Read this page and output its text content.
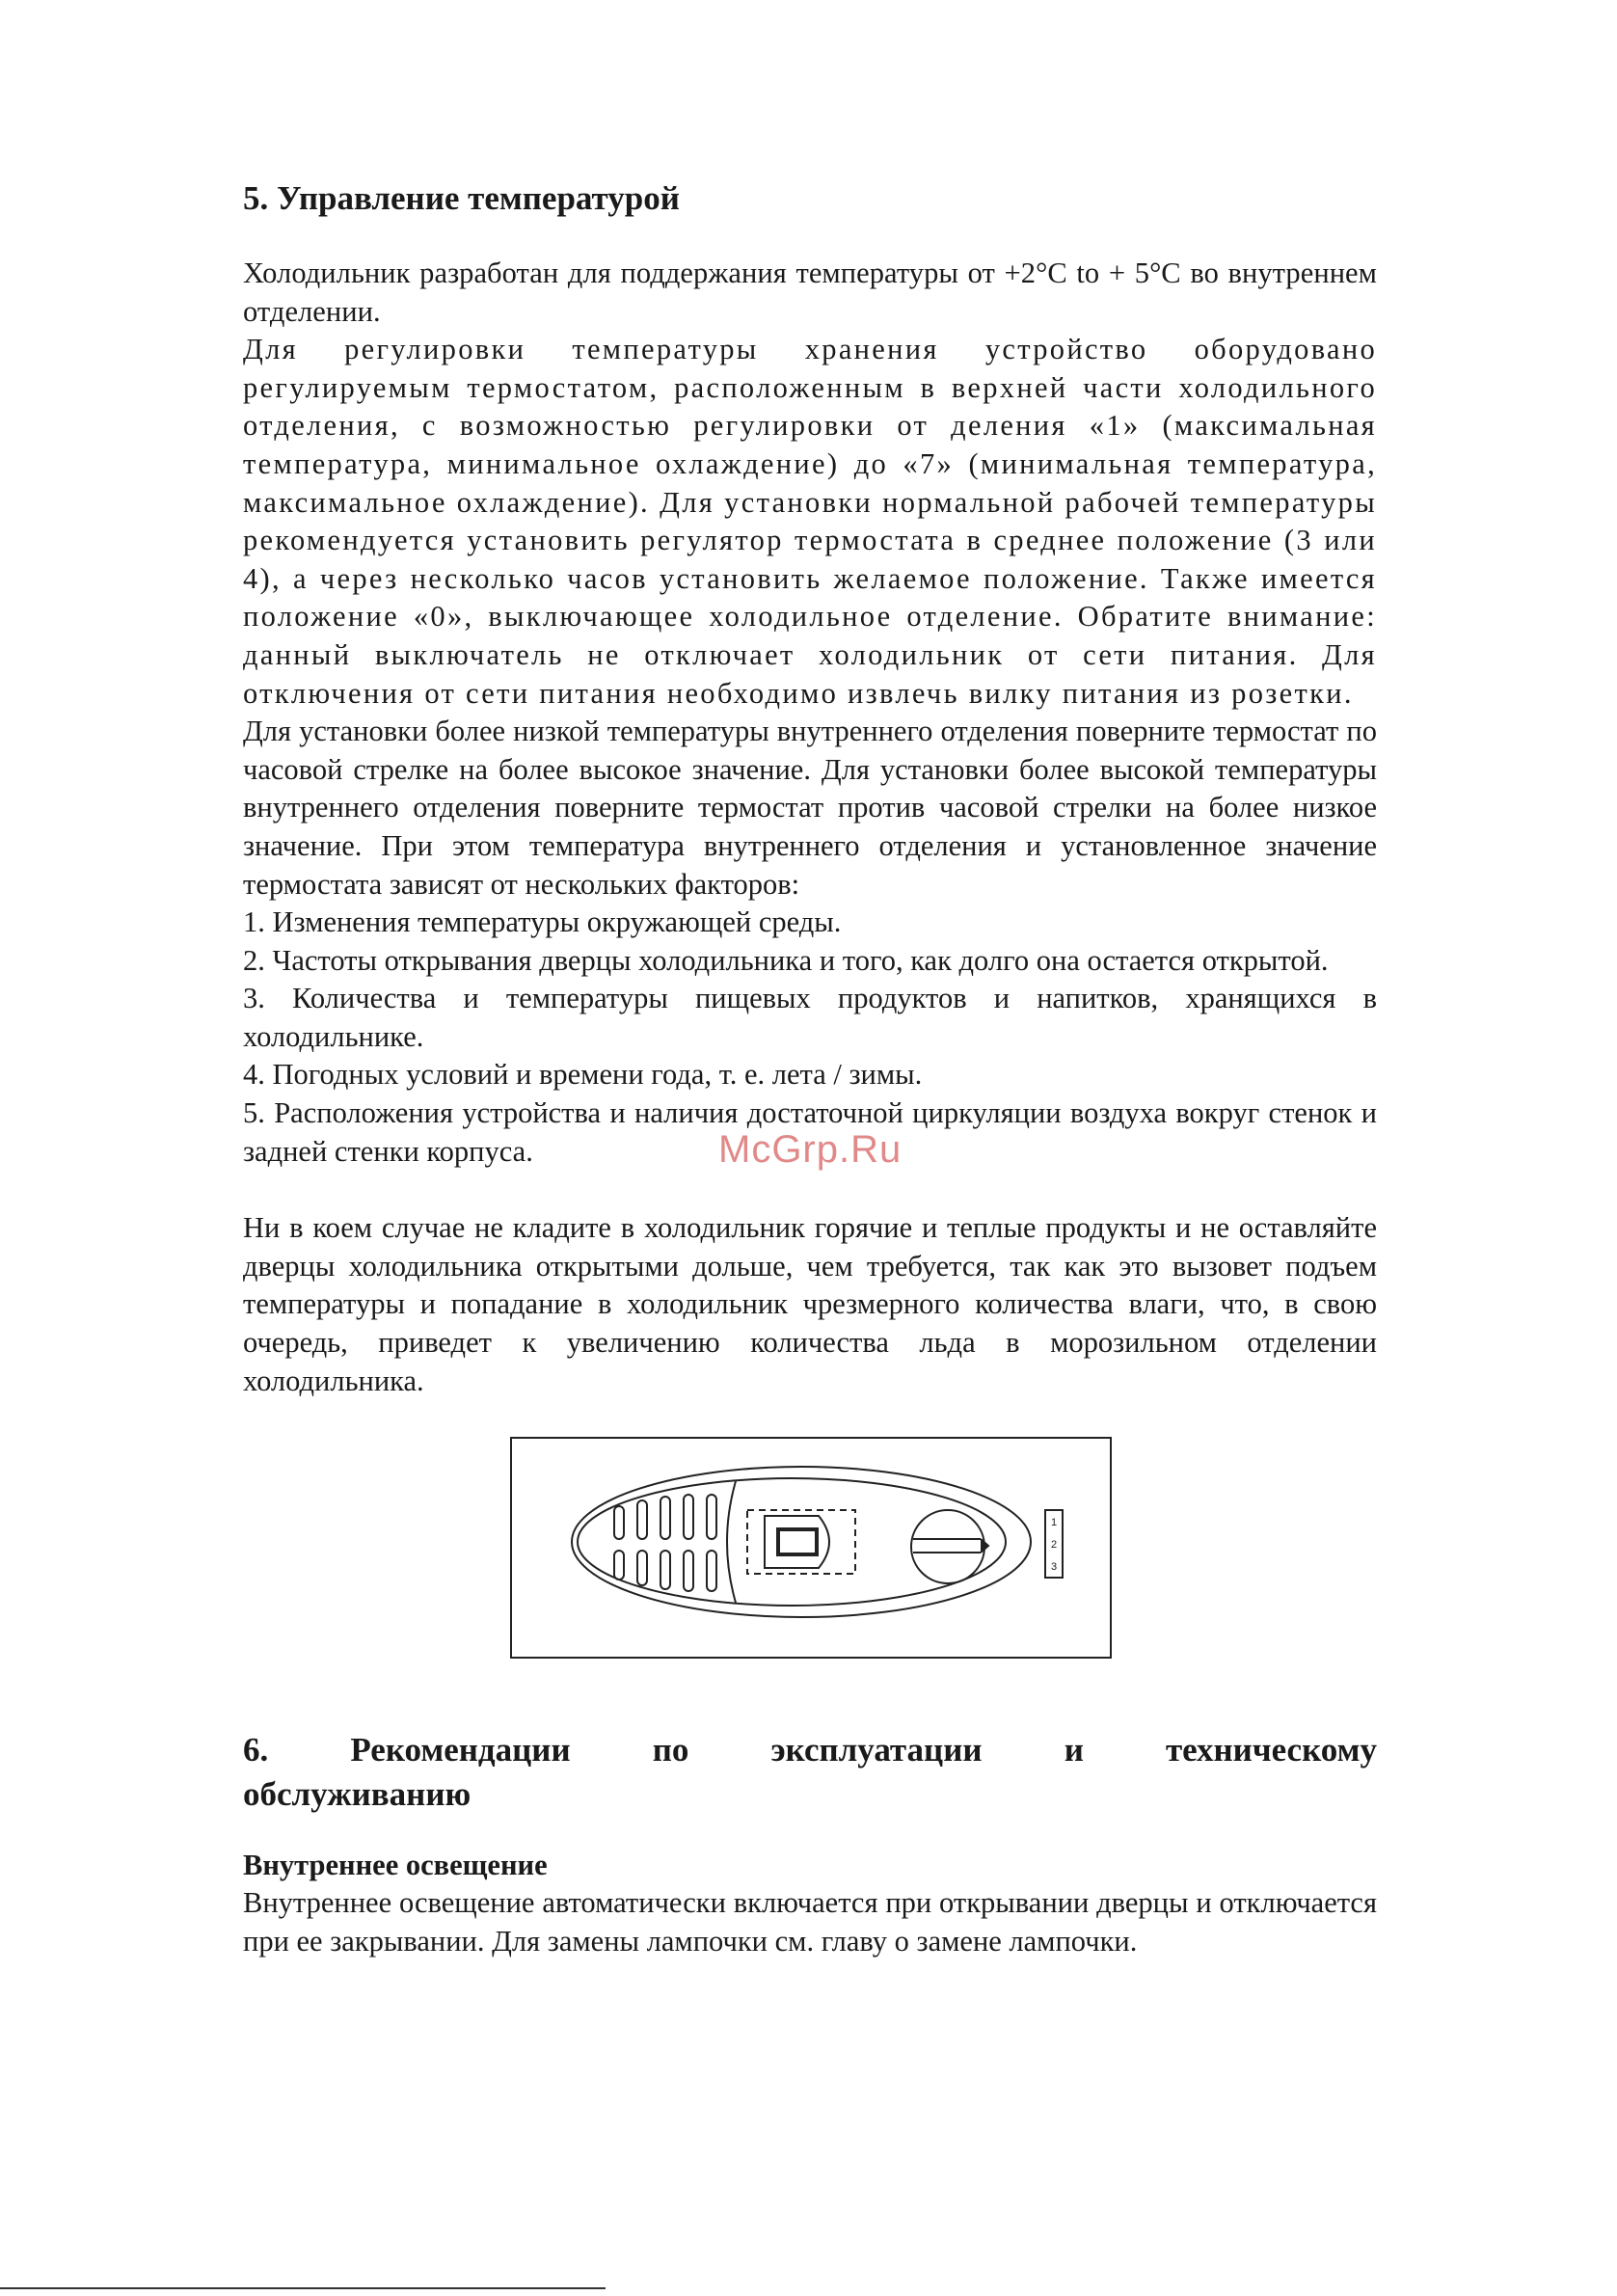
5. Управление температурой

Холодильник разработан для поддержания температуры от +2°C to + 5°C во внутреннем отделении.

Для регулировки температуры хранения устройство оборудовано регулируемым термостатом, расположенным в верхней части холодильного отделения, с возможностью регулировки от деления «1» (максимальная температура, минимальное охлаждение) до «7» (минимальная температура, максимальное охлаждение). Для установки нормальной рабочей температуры рекомендуется установить регулятор термостата в среднее положение (3 или 4), а через несколько часов установить желаемое положение. Также имеется положение «0», выключающее холодильное отделение. Обратите внимание: данный выключатель не отключает холодильник от сети питания. Для отключения от сети питания необходимо извлечь вилку питания из розетки.

Для установки более низкой температуры внутреннего отделения поверните термостат по часовой стрелке на более высокое значение. Для установки более высокой температуры внутреннего отделения поверните термостат против часовой стрелки на более низкое значение. При этом температура внутреннего отделения и установленное значение термостата зависят от нескольких факторов:

1. Изменения температуры окружающей среды.

2. Частоты открывания дверцы холодильника и того, как долго она остается открытой.

3. Количества и температуры пищевых продуктов и напитков, хранящихся в холодильнике.

4. Погодных условий и времени года, т. е. лета / зимы.

5. Расположения устройства и наличия достаточной циркуляции воздуха вокруг стенок и задней стенки корпуса.

Ни в коем случае не кладите в холодильник горячие и теплые продукты и не оставляйте дверцы холодильника открытыми дольше, чем требуется, так как это вызовет подъем температуры и попадание в холодильник чрезмерного количества влаги, что, в свою очередь, приведет к увеличению количества льда в морозильном отделении холодильника.

1
2
3
6. Рекомендации по эксплуатации и техническому
обслуживанию
Внутреннее освещение

Внутреннее освещение автоматически включается при открывании дверцы и отключается при ее закрывании. Для замены лампочки см. главу о замене лампочки.

McGrp.Ru
